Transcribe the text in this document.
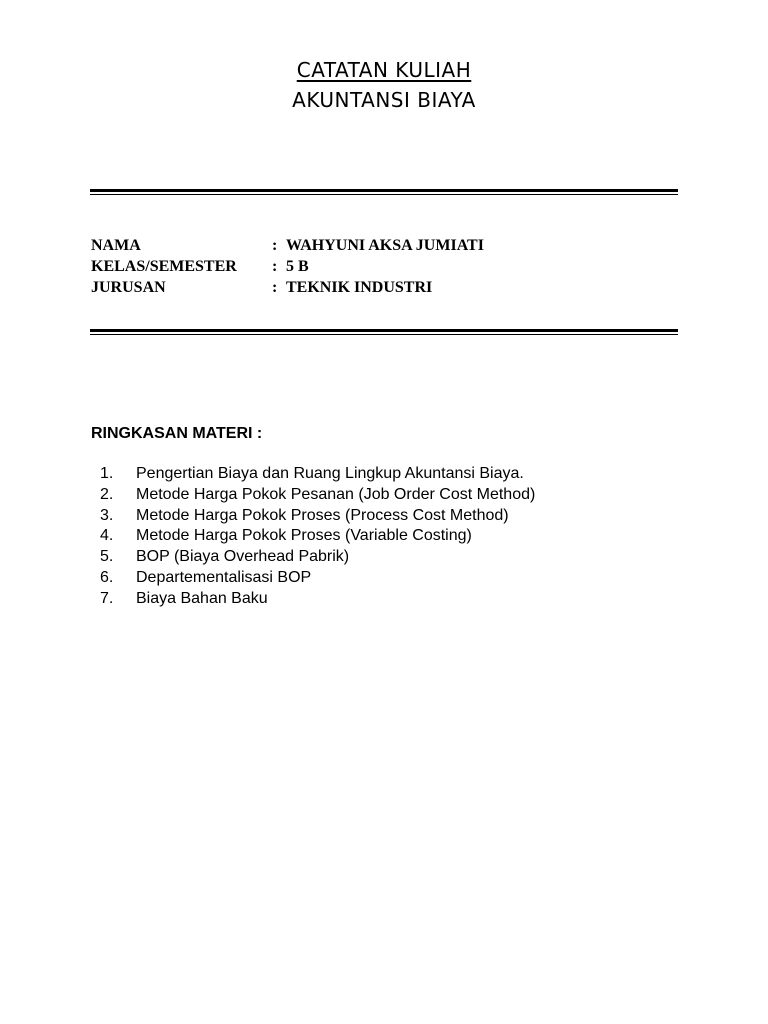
CATATAN KULIAH
AKUNTANSI BIAYA
NAMA	: WAHYUNI AKSA JUMIATI
KELAS/SEMESTER	: 5 B
JURUSAN	: TEKNIK INDUSTRI
RINGKASAN MATERI :
1.	Pengertian Biaya dan Ruang Lingkup Akuntansi Biaya.
2.	Metode Harga Pokok Pesanan (Job Order Cost Method)
3.	Metode Harga Pokok Proses (Process Cost Method)
4.	Metode Harga Pokok Proses (Variable Costing)
5.	BOP (Biaya Overhead Pabrik)
6.	Departementalisasi BOP
7.	Biaya Bahan Baku
